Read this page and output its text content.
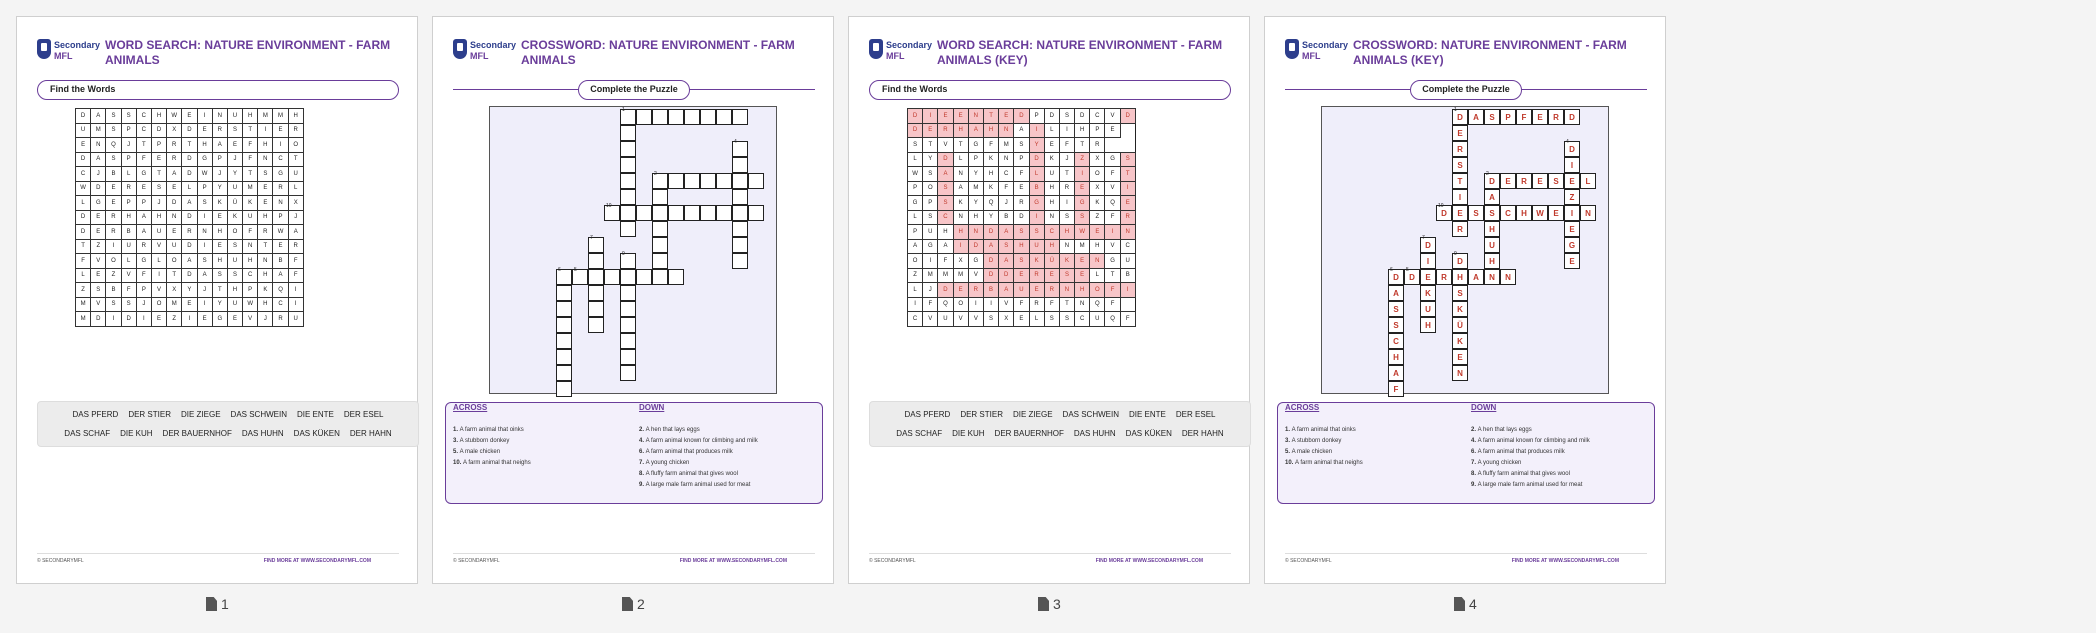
Secondary
MFL
WORD SEARCH: NATURE ENVIRONMENT - FARM ANIMALS
Find the Words
D	A	S	S	C	H	W	E	I	N	U	H	M	M	H
U	M	S	P	C	D	X	D	E	R	S	T	I	E	R
E	N	Q	J	T	P	R	T	H	A	E	F	H	I	O
D	A	S	P	F	E	R	D	G	P	J	F	N	C	T
C	J	B	L	G	T	A	D	W	J	Y	T	S	G	U
W	D	E	R	E	S	E	L	P	Y	U	M	E	R	L
L	G	E	P	P	J	D	A	S	K	Ü	K	E	N	X
D	E	R	H	A	H	N	D	I	E	K	U	H	P	J
D	E	R	B	A	U	E	R	N	H	O	F	R	W	A
T	Z	I	U	R	V	U	D	I	E	S	N	T	E	R
F	V	O	L	G	L	O	A	S	H	U	H	N	B	F
L	E	Z	V	F	I	T	D	A	S	S	C	H	A	F
Z	S	B	F	P	V	X	Y	J	T	H	P	K	Q	I
M	V	S	S	J	O	M	E	I	Y	U	W	H	C	I
M	D	I	D	I	E	Z	I	E	G	E	V	J	R	U
DAS PFERD DER STIER DIE ZIEGE DAS SCHWEIN DIE ENTE DER ESEL
DAS SCHAF DIE KUH DER BAUERNHOF DAS HUHN DAS KÜKEN DER HAHN
© SECONDARYMFL	FIND MORE AT WWW.SECONDARYMFL.COM
Secondary
MFL
CROSSWORD: NATURE ENVIRONMENT - FARM ANIMALS
Complete the Puzzle
1
4
2
10
5
7
9
6
ACROSS	DOWN
1. A farm animal that oinks
3. A stubborn donkey
5. A male chicken
10. A farm animal that neighs
2. A hen that lays eggs
4. A farm animal known for climbing and milk
6. A farm animal that produces milk
7. A young chicken
8. A fluffy farm animal that gives wool
9. A large male farm animal used for meat
© SECONDARYMFL	FIND MORE AT WWW.SECONDARYMFL.COM
Secondary
MFL
WORD SEARCH: NATURE ENVIRONMENT - FARM ANIMALS (KEY)
Find the Words
D	I	E	E	N	T	E	D	P	D	S	D	C	V	D
D	E	R	H	A	H	N	A	I	L	I	H	P	E	
S	T	V	T	G	F	M	S	Y	E	F	T	R		
L	Y	D	L	P	K	N	P	D	K	J	Z	X	G	S
W	S	A	N	Y	H	C	F	L	U	T	I	O	F	T
P	O	S	A	M	K	F	E	B	H	R	E	X	V	I
G	P	S	K	Y	Q	J	R	G	H	I	G	K	Q	E
L	S	C	N	H	Y	B	D	I	N	S	S	Z	F	R
P	U	H	H	N	D	A	S	S	C	H	W	E	I	N
A	G	A	I	D	A	S	H	U	H	N	M	H	V	C
O	I	F	X	G	D	A	S	K	Ü	K	E	N	G	U
Z	M	M	M	V	D	D	E	R	E	S	E	L	T	B
L	J	D	E	R	B	A	U	E	R	N	H	O	F	I
I	F	Q	O	I	I	V	F	R	F	T	N	Q	F	
C	V	U	V	V	S	X	E	L	S	S	C	U	Q	F
DAS PFERD DER STIER DIE ZIEGE DAS SCHWEIN DIE ENTE DER ESEL
DAS SCHAF DIE KUH DER BAUERNHOF DAS HUHN DAS KÜKEN DER HAHN
© SECONDARYMFL	FIND MORE AT WWW.SECONDARYMFL.COM
Secondary
MFL
CROSSWORD: NATURE ENVIRONMENT - FARM ANIMALS (KEY)
Complete the Puzzle
1
D	A	S	P	F	E	R	D
E
R
S
T
I
E
R
4
D
I
E
Z
I
E
G
E
2
D	E	R	E	S	L
10
D	S	S	C	H	W	E	N
A
H
U
H
N
5
D	E	R	H	A	N
7
D
I
K
U
H
9
D
S
K
Ü
K
E
N
6
D
A
S
S
C
H
A
F
ACROSS	DOWN
1. A farm animal that oinks
3. A stubborn donkey
5. A male chicken
10. A farm animal that neighs
2. A hen that lays eggs
4. A farm animal known for climbing and milk
6. A farm animal that produces milk
7. A young chicken
8. A fluffy farm animal that gives wool
9. A large male farm animal used for meat
© SECONDARYMFL	FIND MORE AT WWW.SECONDARYMFL.COM
1	2	3	4
